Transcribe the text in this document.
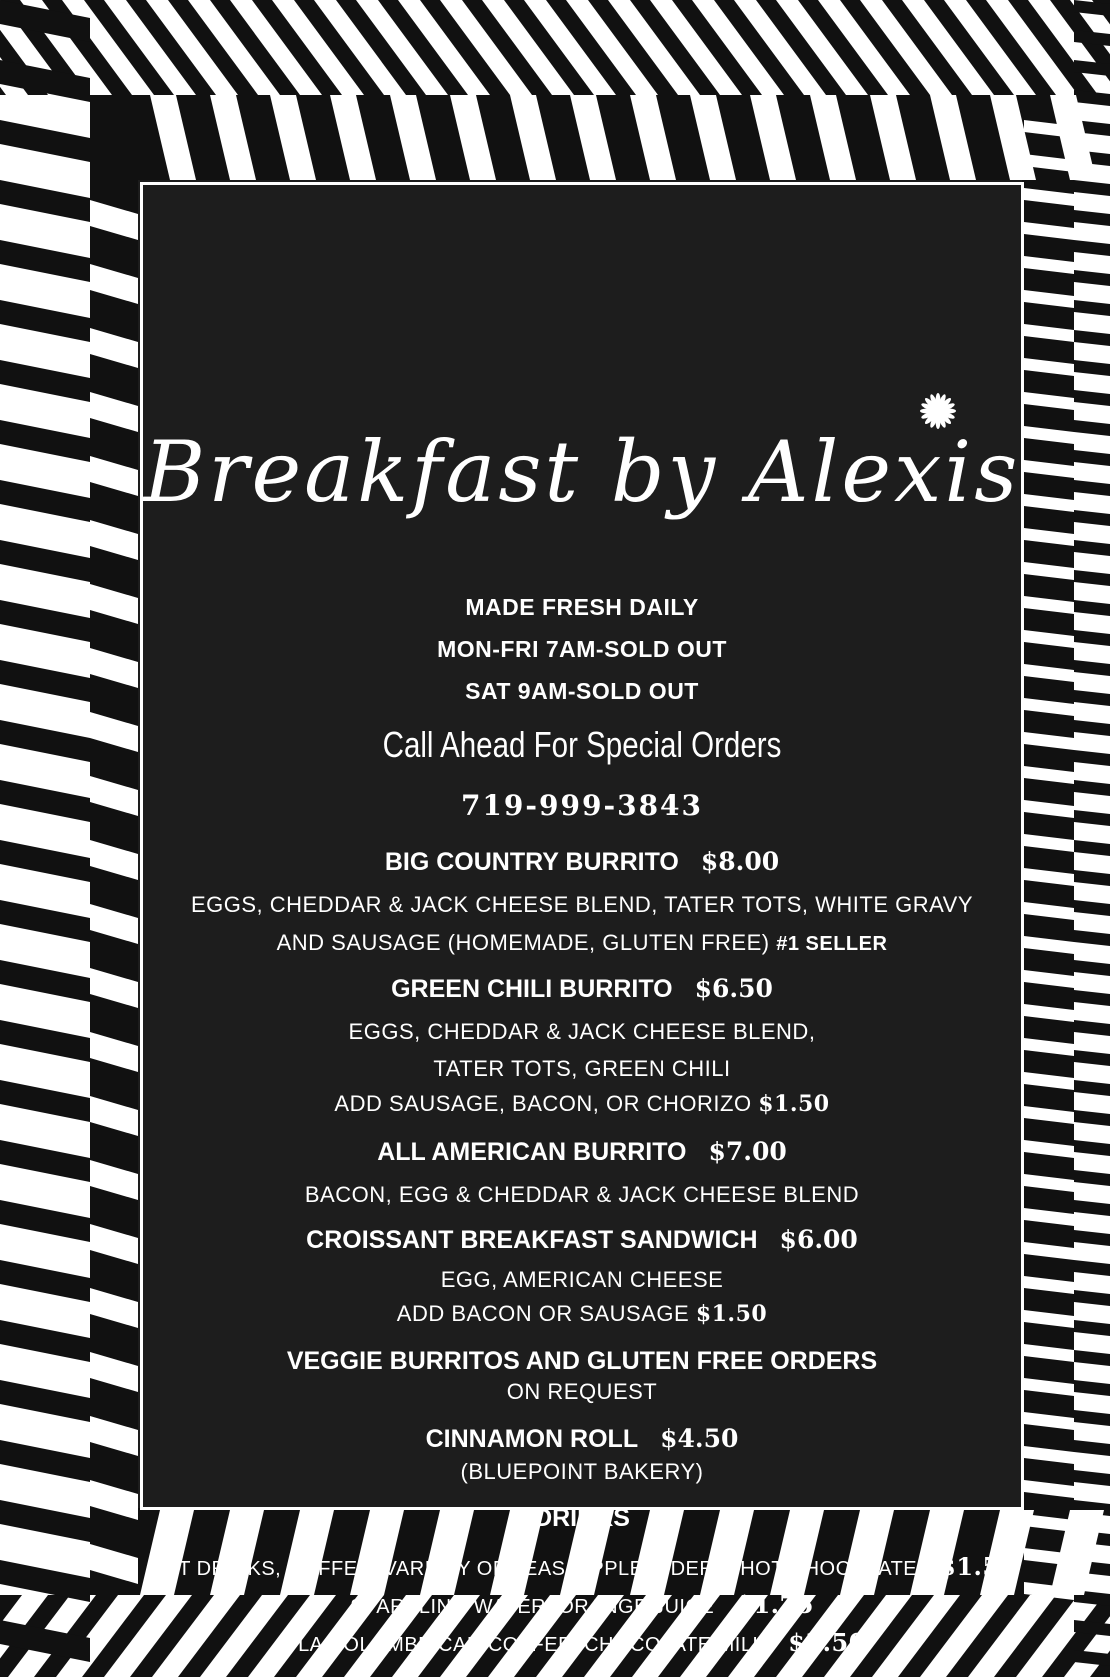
Breakfast by Alexis
MADE FRESH DAILY
MON-FRI 7AM-SOLD OUT
SAT 9AM-SOLD OUT
Call Ahead For Special Orders
719-999-3843
BIG COUNTRY BURRITO $8.00
EGGS, CHEDDAR & JACK CHEESE BLEND, TATER TOTS, WHITE GRAVY
AND SAUSAGE (HOMEMADE, GLUTEN FREE) #1 SELLER
GREEN CHILI BURRITO $6.50
EGGS, CHEDDAR & JACK CHEESE BLEND,
TATER TOTS, GREEN CHILI
ADD SAUSAGE, BACON, OR CHORIZO $1.50
ALL AMERICAN BURRITO $7.00
BACON, EGG & CHEDDAR & JACK CHEESE BLEND
CROISSANT BREAKFAST SANDWICH $6.00
EGG, AMERICAN CHEESE
ADD BACON OR SAUSAGE $1.50
VEGGIE BURRITOS AND GLUTEN FREE ORDERS
ON REQUEST
CINNAMON ROLL $4.50
(BLUEPOINT BAKERY)
DRINKS
HOT DRINKS, COFFEE, VARIETY OF TEAS, APPLE CIDER & HOT CHOCOLATE $1.50
SPARKLING WATER, ORANGE JUICE $1.75
LA COLOMBE CAN COFFEE, CHOCOLATE MILK $3.50
